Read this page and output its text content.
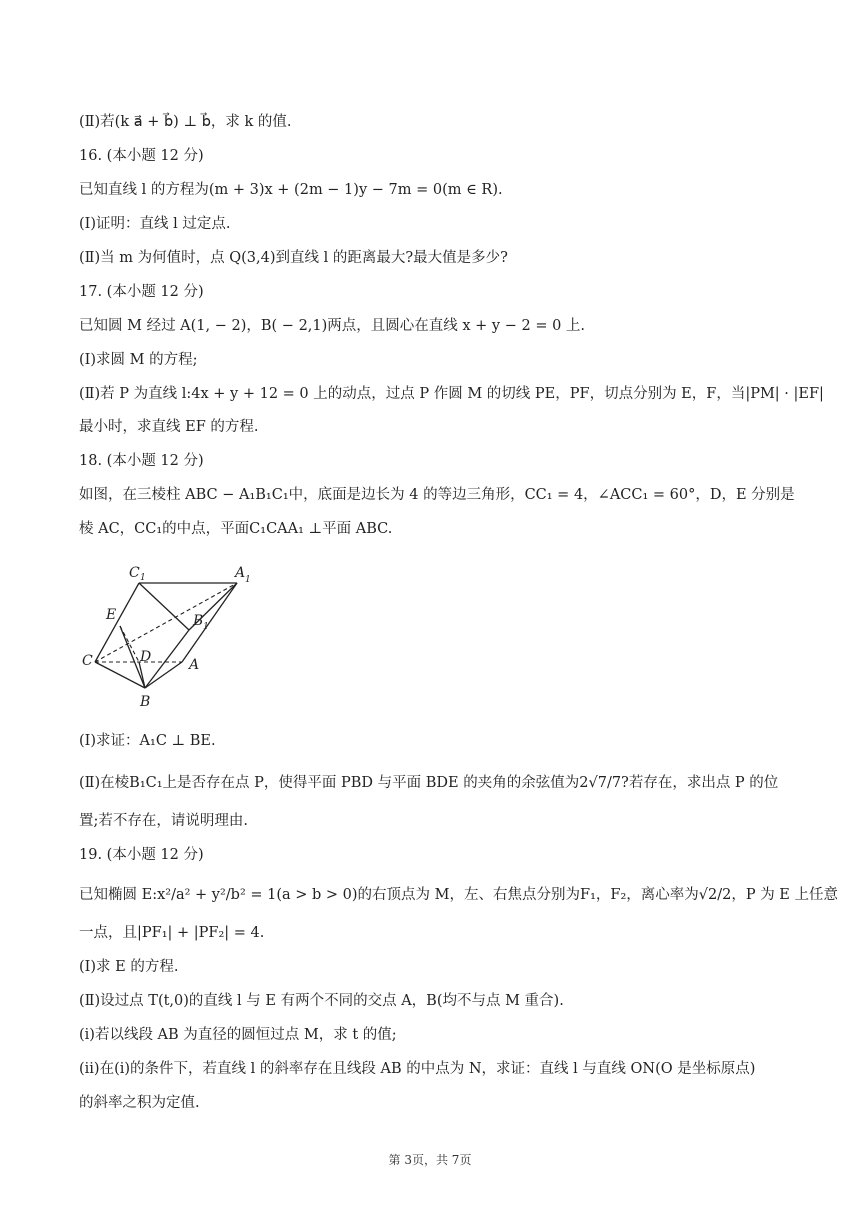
(Ⅱ)若(k a⃗ + b⃗) ⊥ b⃗，求 k 的值.
16. (本小题 12 分)
已知直线 l 的方程为(m + 3)x + (2m − 1)y − 7m = 0(m ∈ R).
(Ⅰ)证明：直线 l 过定点.
(Ⅱ)当 m 为何值时，点 Q(3,4)到直线 l 的距离最大?最大值是多少?
17. (本小题 12 分)
已知圆 M 经过 A(1, − 2)，B( − 2,1)两点，且圆心在直线 x + y − 2 = 0 上.
(Ⅰ)求圆 M 的方程;
(Ⅱ)若 P 为直线 l:4x + y + 12 = 0 上的动点，过点 P 作圆 M 的切线 PE，PF，切点分别为 E，F，当|PM| · |EF|
最小时，求直线 EF 的方程.
18. (本小题 12 分)
如图，在三棱柱 ABC − A₁B₁C₁中，底面是边长为 4 的等边三角形，CC₁ = 4，∠ACC₁ = 60°，D，E 分别是
棱 AC，CC₁的中点，平面C₁CAA₁ ⊥平面 ABC.
C 1	A 1
E	B 1
C	D	A
B
(Ⅰ)求证：A₁C ⊥ BE.
(Ⅱ)在棱B₁C₁上是否存在点 P，使得平面 PBD 与平面 BDE 的夹角的余弦值为2√7/7?若存在，求出点 P 的位
置;若不存在，请说明理由.
19. (本小题 12 分)
已知椭圆 E:x²/a² + y²/b² = 1(a > b > 0)的右顶点为 M，左、右焦点分别为F₁，F₂，离心率为√2/2，P 为 E 上任意
一点，且|PF₁| + |PF₂| = 4.
(Ⅰ)求 E 的方程.
(Ⅱ)设过点 T(t,0)的直线 l 与 E 有两个不同的交点 A，B(均不与点 M 重合).
(ⅰ)若以线段 AB 为直径的圆恒过点 M，求 t 的值;
(ⅱ)在(ⅰ)的条件下，若直线 l 的斜率存在且线段 AB 的中点为 N，求证：直线 l 与直线 ON(O 是坐标原点)
的斜率之积为定值.
第 3页，共 7页
